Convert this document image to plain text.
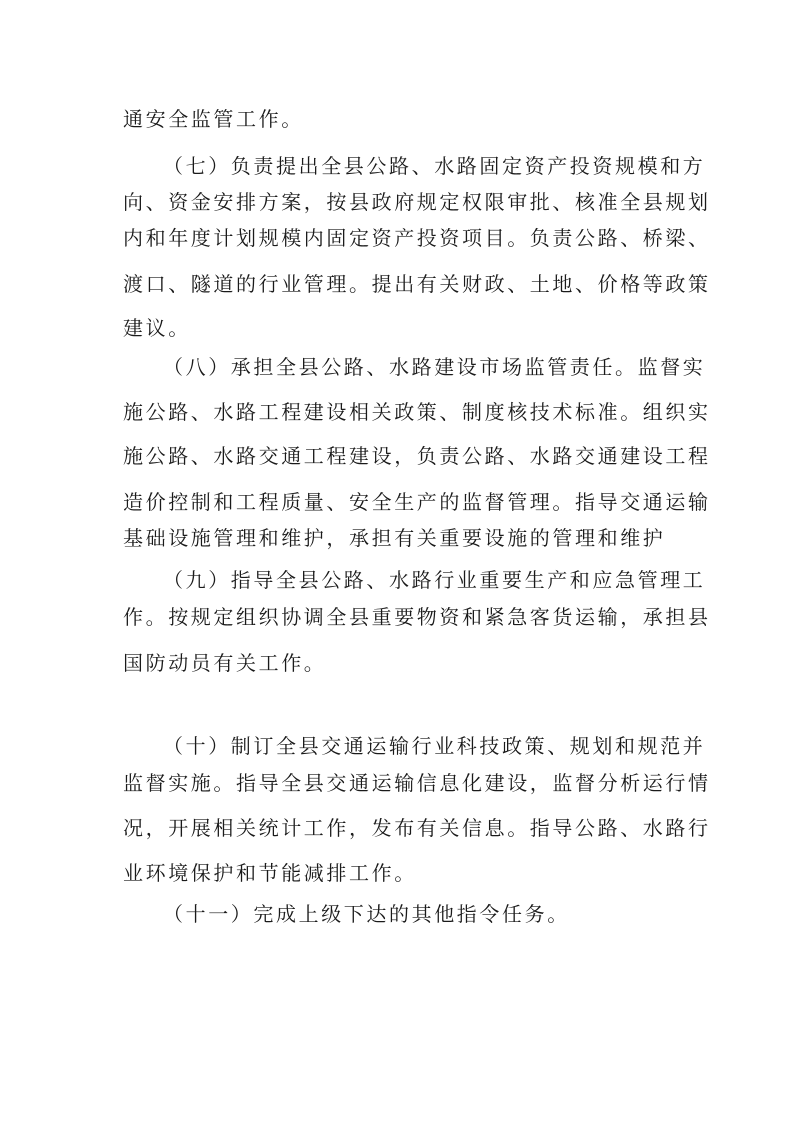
通安全监管工作。

（七）负责提出全县公路、水路固定资产投资规模和方

向、资金安排方案，按县政府规定权限审批、核准全县规划

内和年度计划规模内固定资产投资项目。负责公路、桥梁、

渡口、隧道的行业管理。提出有关财政、土地、价格等政策

建议。

（八）承担全县公路、水路建设市场监管责任。监督实

施公路、水路工程建设相关政策、制度核技术标准。组织实

施公路、水路交通工程建设，负责公路、水路交通建设工程

造价控制和工程质量、安全生产的监督管理。指导交通运输

基础设施管理和维护，承担有关重要设施的管理和维护

（九）指导全县公路、水路行业重要生产和应急管理工

作。按规定组织协调全县重要物资和紧急客货运输，承担县

国防动员有关工作。

（十）制订全县交通运输行业科技政策、规划和规范并

监督实施。指导全县交通运输信息化建设，监督分析运行情

况，开展相关统计工作，发布有关信息。指导公路、水路行

业环境保护和节能减排工作。

（十一）完成上级下达的其他指令任务。
